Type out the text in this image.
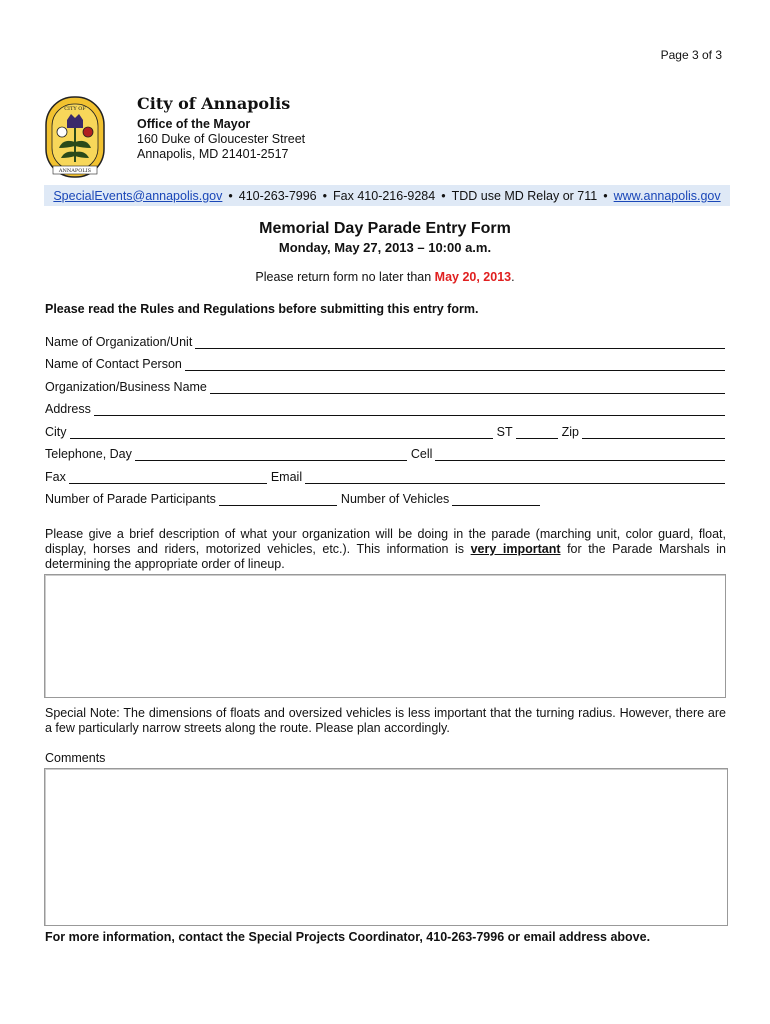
Page 3 of 3
CITY OF
ANNAPOLIS
City of Annapolis
Office of the Mayor
160 Duke of Gloucester Street
Annapolis, MD 21401-2517
SpecialEvents@annapolis.gov • 410-263-7996 • Fax 410-216-9284 • TDD use MD Relay or 711 • www.annapolis.gov
Memorial Day Parade Entry Form
Monday, May 27, 2013 – 10:00 a.m.
Please return form no later than May 20, 2013.
Please read the Rules and Regulations before submitting this entry form.
Name of Organization/Unit
Name of Contact Person
Organization/Business Name
Address
City	ST	Zip
Telephone, Day	Cell
Fax	Email
Number of Parade Participants	Number of Vehicles
Please give a brief description of what your organization will be doing in the parade (marching unit, color guard, float, display, horses and riders, motorized vehicles, etc.). This information is very important for the Parade Marshals in determining the appropriate order of lineup.
Special Note: The dimensions of floats and oversized vehicles is less important that the turning radius. However, there are a few particularly narrow streets along the route. Please plan accordingly.
Comments
For more information, contact the Special Projects Coordinator, 410-263-7996 or email address above.
